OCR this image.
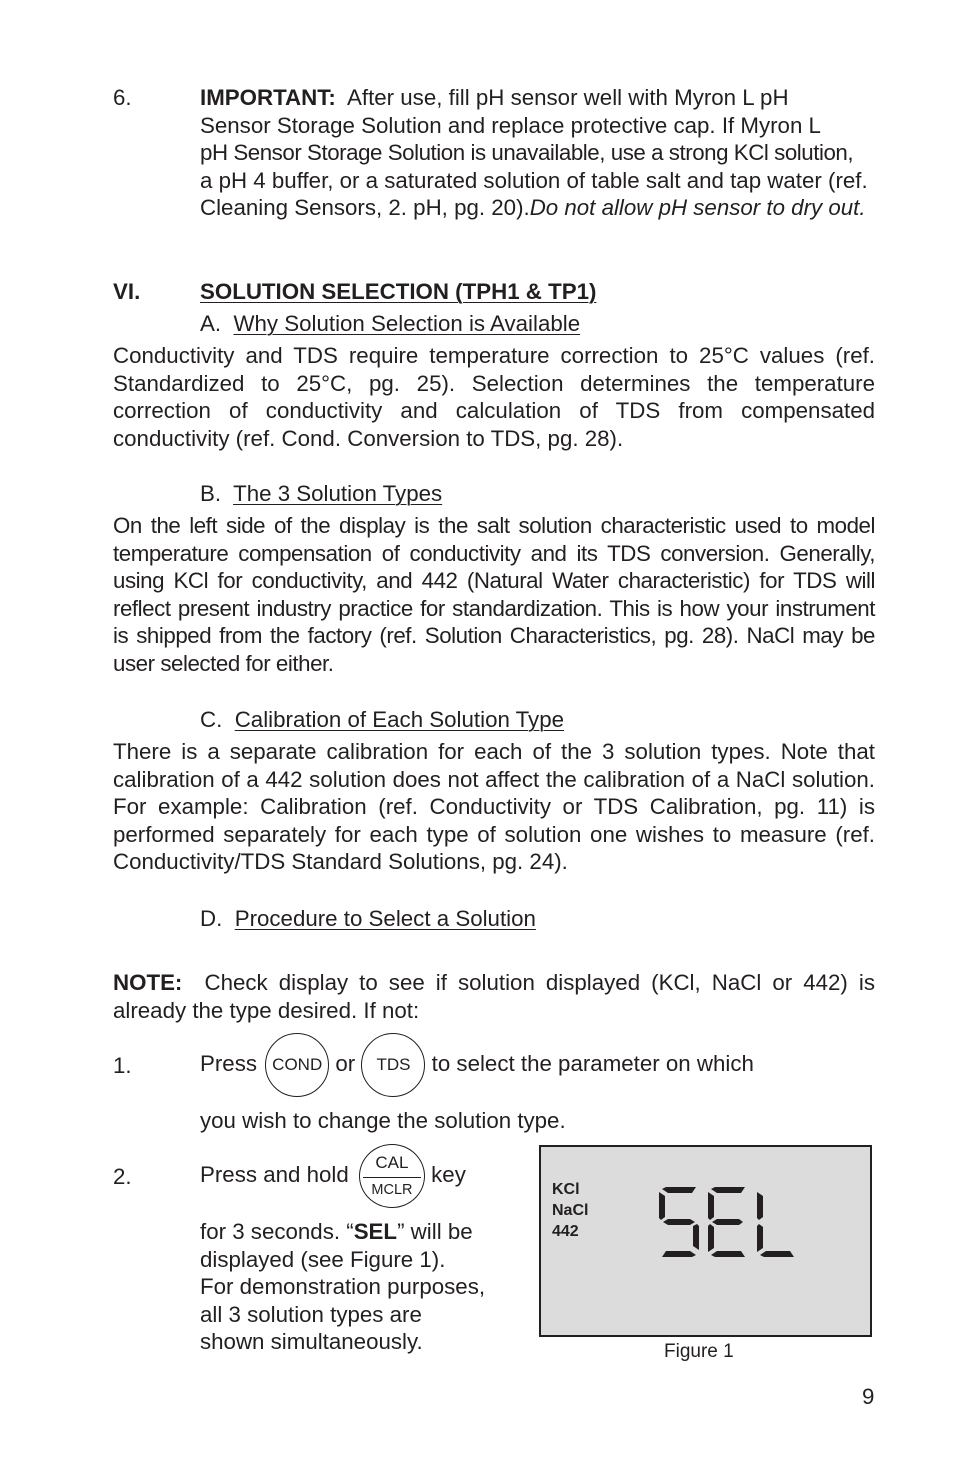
6.	IMPORTANT: After use, fill pH sensor well with Myron L pH
Sensor Storage Solution and replace protective cap. If Myron L
pH Sensor Storage Solution is unavailable, use a strong KCl solution,
a pH 4 buffer, or a saturated solution of table salt and tap water (ref.
Cleaning Sensors, 2. pH, pg. 20).Do not allow pH sensor to dry out.
VI.	SOLUTION SELECTION (TPH1 & TP1)
A. Why Solution Selection is Available
Conductivity and TDS require temperature correction to 25°C values (ref. Standardized to 25°C, pg. 25). Selection determines the temperature correction of conductivity and calculation of TDS from compensated conductivity (ref. Cond. Conversion to TDS, pg. 28).
B. The 3 Solution Types
On the left side of the display is the salt solution characteristic used to model temperature compensation of conductivity and its TDS conversion. Generally, using KCl for conductivity, and 442 (Natural Water characteristic) for TDS will reflect present industry practice for standardization. This is how your instrument is shipped from the factory (ref. Solution Characteristics, pg. 28). NaCl may be user selected for either.
C. Calibration of Each Solution Type
There is a separate calibration for each of the 3 solution types. Note that calibration of a 442 solution does not affect the calibration of a NaCl solution. For example: Calibration (ref. Conductivity or TDS Calibration, pg. 11) is performed separately for each type of solution one wishes to measure (ref. Conductivity/TDS Standard Solutions, pg. 24).
D. Procedure to Select a Solution
NOTE: Check display to see if solution displayed (KCl, NaCl or 442) is
already the type desired. If not:
1.	Press COND or TDS to select the parameter on which
you wish to change the solution type.
2.	Press and hold	CAL
MCLR
key
for 3 seconds. “SEL” will be
displayed (see Figure 1).
For demonstration purposes,
all 3 solution types are
shown simultaneously.
KCl
NaCl
442
Figure 1
9
